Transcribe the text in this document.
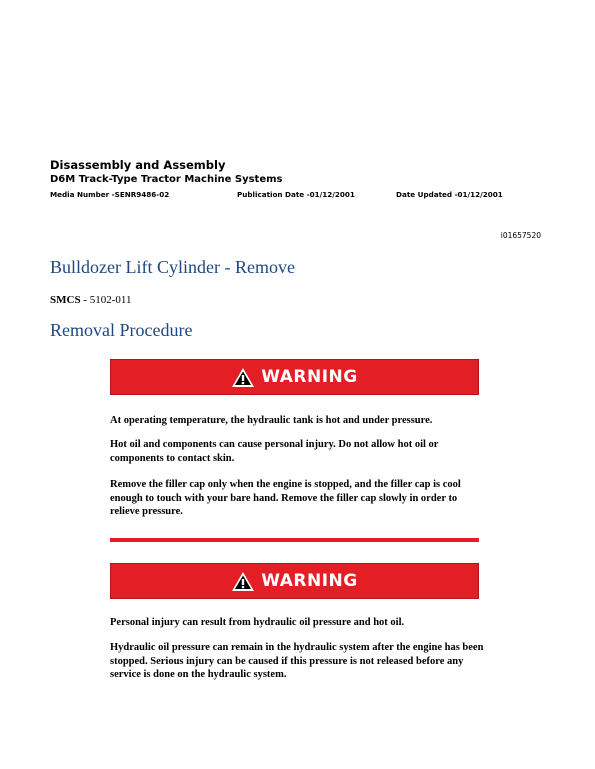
Disassembly and Assembly
D6M Track-Type Tractor Machine Systems
Media Number -SENR9486-02	Publication Date -01/12/2001	Date Updated -01/12/2001
i01657520
Bulldozer Lift Cylinder - Remove
SMCS - 5102-011
Removal Procedure
WARNING

At operating temperature, the hydraulic tank is hot and under pressure.

Hot oil and components can cause personal injury. Do not allow hot oil or components to contact skin.

Remove the filler cap only when the engine is stopped, and the filler cap is cool enough to touch with your bare hand. Remove the filler cap slowly in order to relieve pressure.

WARNING

Personal injury can result from hydraulic oil pressure and hot oil.

Hydraulic oil pressure can remain in the hydraulic system after the engine has been stopped. Serious injury can be caused if this pressure is not released before any service is done on the hydraulic system.
